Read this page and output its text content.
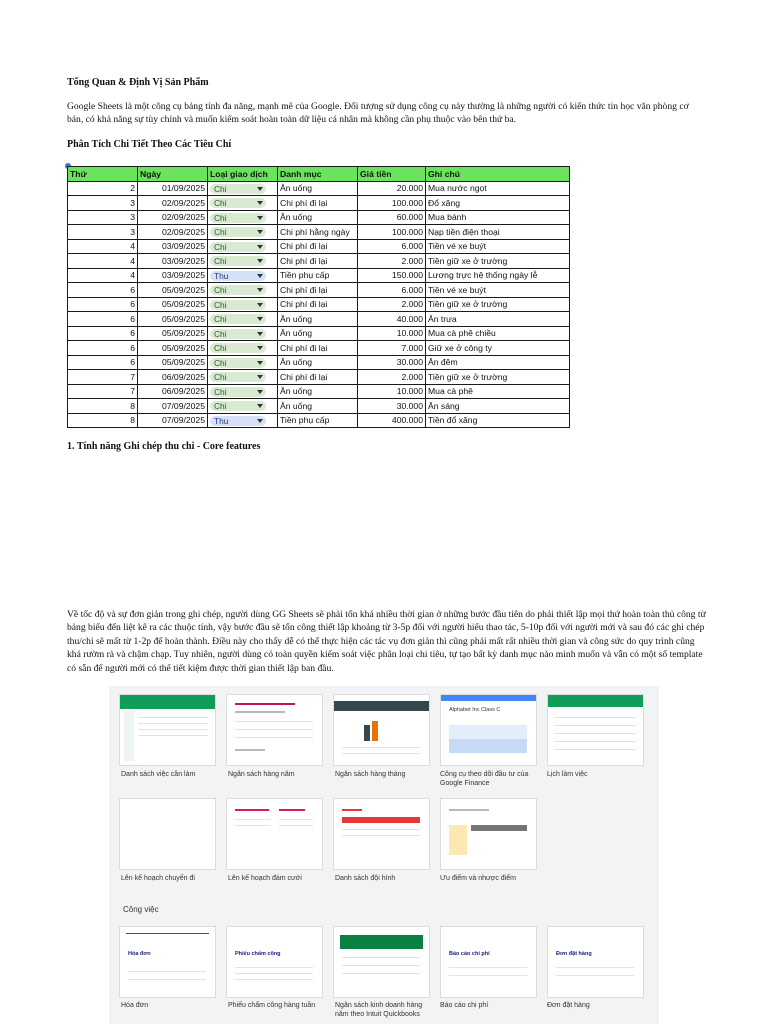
Tổng Quan & Định Vị Sản Phẩm
Google Sheets là một công cụ bảng tính đa năng, mạnh mẽ của Google. Đối tượng sử dụng công cụ này thường là những người có kiến thức tin học văn phòng cơ bản, có khả năng sự tùy chỉnh và muốn kiểm soát hoàn toàn dữ liệu cá nhân mà không cần phụ thuộc vào bên thứ ba.
Phân Tích Chi Tiết Theo Các Tiêu Chí
Thứ	Ngày	Loại giao dịch	Danh mục	Giá tiền	Ghi chú
2	01/09/2025	Chi	Ăn uống	20.000	Mua nước ngọt
3	02/09/2025	Chi	Chi phí đi lại	100.000	Đổ xăng
3	02/09/2025	Chi	Ăn uống	60.000	Mua bánh
3	02/09/2025	Chi	Chi phí hằng ngày	100.000	Nạp tiền điện thoại
4	03/09/2025	Chi	Chi phí đi lại	6.000	Tiền vé xe buýt
4	03/09/2025	Chi	Chi phí đi lại	2.000	Tiền giữ xe ở trường
4	03/09/2025	Thu	Tiền phụ cấp	150.000	Lương trực hệ thống ngày lễ
6	05/09/2025	Chi	Chi phí đi lại	6.000	Tiền vé xe buýt
6	05/09/2025	Chi	Chi phí đi lại	2.000	Tiền giữ xe ở trường
6	05/09/2025	Chi	Ăn uống	40.000	Ăn trưa
6	05/09/2025	Chi	Ăn uống	10.000	Mua cà phê chiều
6	05/09/2025	Chi	Chi phí đi lại	7.000	Giữ xe ở công ty
6	05/09/2025	Chi	Ăn uống	30.000	Ăn đêm
7	06/09/2025	Chi	Chi phí đi lại	2.000	Tiền giữ xe ở trường
7	06/09/2025	Chi	Ăn uống	10.000	Mua cà phê
8	07/09/2025	Chi	Ăn uống	30.000	Ăn sáng
8	07/09/2025	Thu	Tiền phụ cấp	400.000	Tiền đổ xăng
1. Tính năng Ghi chép thu chi - Core features
Về tốc độ và sự đơn giản trong ghi chép, người dùng GG Sheets sẽ phải tốn khá nhiều thời gian ở những bước đầu tiên do phải thiết lập mọi thứ hoàn toàn thủ công từ bảng biểu đến liệt kê ra các thuộc tính, vậy bước đầu sẽ tốn công thiết lập khoảng từ 3-5p đối với người hiểu thao tác, 5-10p đối với người mới và sau đó các ghi chép thu/chi sẽ mất từ 1-2p để hoàn thành. Điều này cho thấy dễ có thể thực hiện các tác vụ đơn giản thì cũng phải mất rất nhiều thời gian và công sức do quy trình cũng khá rườm rà và chậm chạp. Tuy nhiên, người dùng có toàn quyền kiểm soát việc phân loại chi tiêu, tự tạo bất kỳ danh mục nào mình muốn và vẫn có một số template có sẵn để người mới có thể tiết kiệm được thời gian thiết lập ban đầu.
Alphabet Inc Class C
Danh sách việc cần làm	Ngân sách hàng năm	Ngân sách hàng tháng	Công cụ theo dõi đầu tư của Google Finance
Lịch làm việc
Lên kế hoạch chuyến đi	Lên kế hoạch đám cưới	Danh sách đội hình	Ưu điểm và nhược điểm
Công việc
Hóa đơn	Phiếu chấm công	Báo cáo chi phí	Đơn đặt hàng
Hóa đơn	Phiếu chấm công hàng tuần	Ngân sách kinh doanh hàng năm theo Intuit Quickbooks
Báo cáo chi phí	Đơn đặt hàng
